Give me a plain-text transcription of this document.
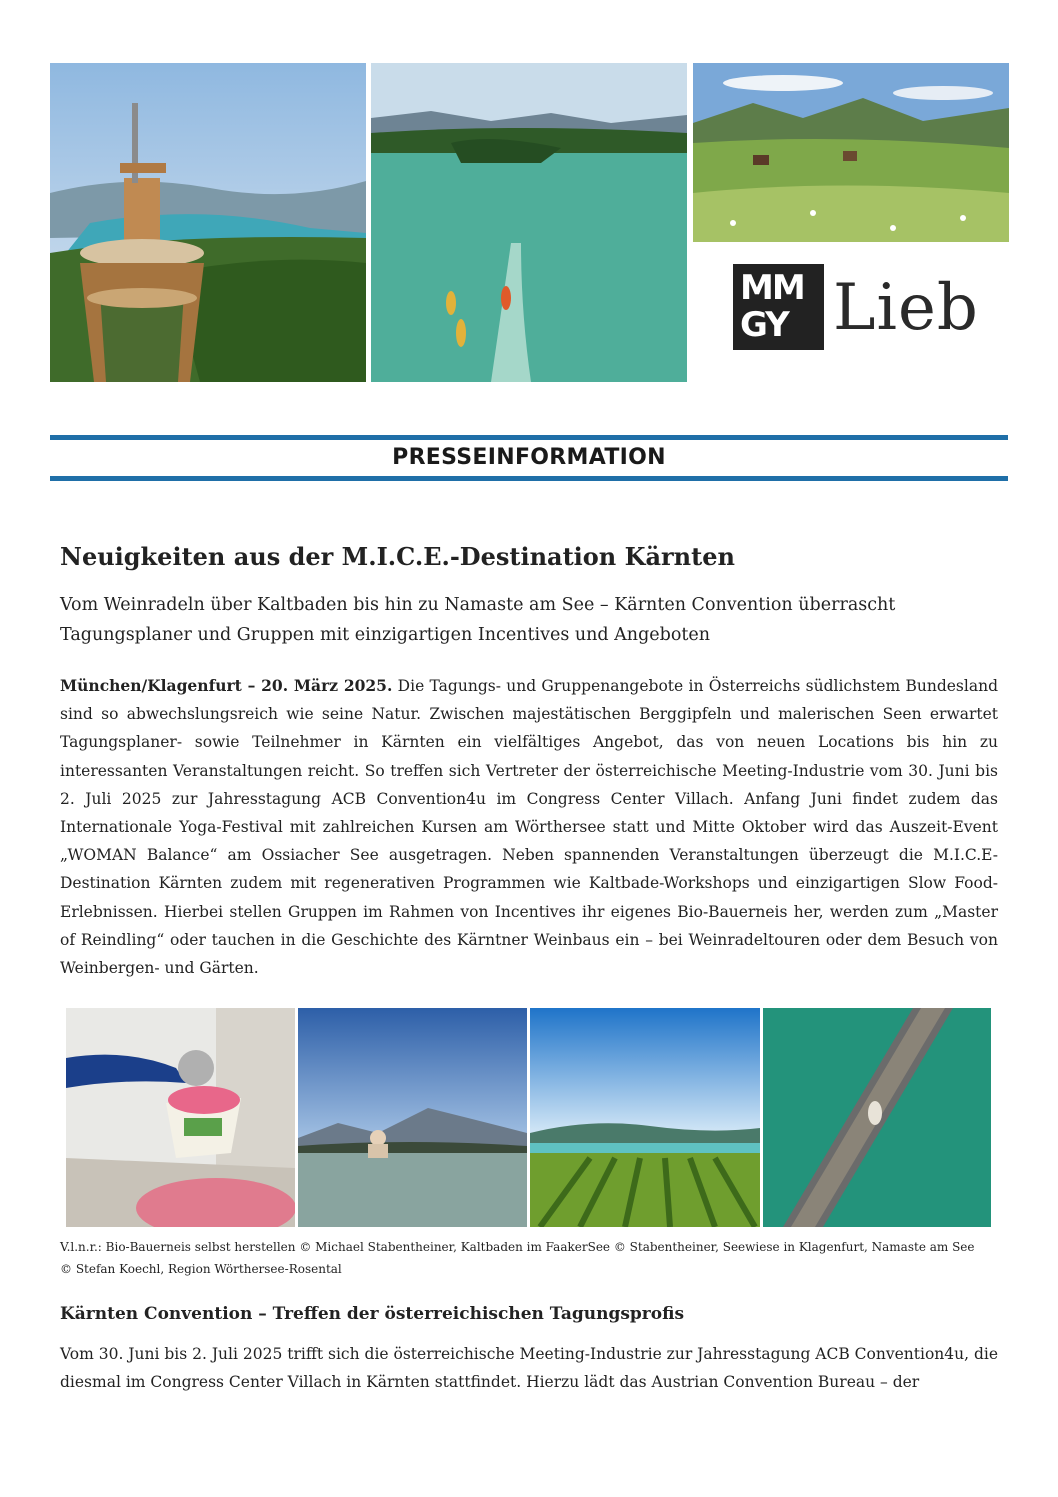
MM
GY Lieb
PRESSEINFORMATION
Neuigkeiten aus der M.I.C.E.-Destination Kärnten

Vom Weinradeln über Kaltbaden bis hin zu Namaste am See – Kärnten Convention überrascht Tagungsplaner und Gruppen mit einzigartigen Incentives und Angeboten

München/Klagenfurt – 20. März 2025. Die Tagungs- und Gruppenangebote in Österreichs südlichstem Bundesland sind so abwechslungsreich wie seine Natur. Zwischen majestätischen Berggipfeln und malerischen Seen erwartet Tagungsplaner- sowie Teilnehmer in Kärnten ein vielfältiges Angebot, das von neuen Locations bis hin zu interessanten Veranstaltungen reicht. So treffen sich Vertreter der österreichische Meeting-Industrie vom 30. Juni bis 2. Juli 2025 zur Jahresstagung ACB Convention4u im Congress Center Villach. Anfang Juni findet zudem das Internationale Yoga-Festival mit zahlreichen Kursen am Wörthersee statt und Mitte Oktober wird das Auszeit-Event „WOMAN Balance“ am Ossiacher See ausgetragen. Neben spannenden Veranstaltungen überzeugt die M.I.C.E-Destination Kärnten zudem mit regenerativen Programmen wie Kaltbade-Workshops und einzigartigen Slow Food-Erlebnissen. Hierbei stellen Gruppen im Rahmen von Incentives ihr eigenes Bio-Bauerneis her, werden zum „Master of Reindling“ oder tauchen in die Geschichte des Kärntner Weinbaus ein – bei Weinradeltouren oder dem Besuch von Weinbergen- und Gärten.

V.l.n.r.: Bio-Bauerneis selbst herstellen © Michael Stabentheiner, Kaltbaden im FaakerSee © Stabentheiner, Seewiese in Klagenfurt, Namaste am See © Stefan Koechl, Region Wörthersee-Rosental

Kärnten Convention – Treffen der österreichischen Tagungsprofis

Vom 30. Juni bis 2. Juli 2025 trifft sich die österreichische Meeting-Industrie zur Jahresstagung ACB Convention4u, die diesmal im Congress Center Villach in Kärnten stattfindet. Hierzu lädt das Austrian Convention Bureau – der
